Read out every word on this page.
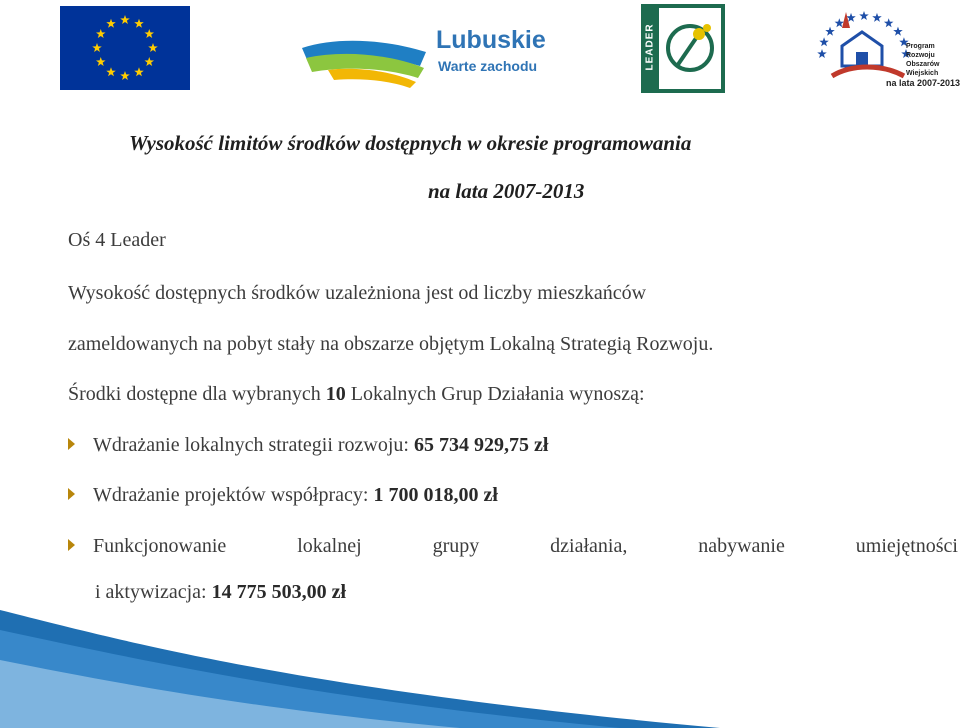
Lubuskie
Warte zachodu	LEADER	Program
Rozwoju
Obszarów
Wiejskich
na lata 2007-2013
Wysokość limitów środków dostępnych w okresie programowania
na lata 2007-2013
Oś 4 Leader
Wysokość dostępnych środków uzależniona jest od liczby mieszkańców
zameldowanych na pobyt stały na obszarze objętym Lokalną Strategią Rozwoju.
Środki dostępne dla wybranych 10 Lokalnych Grup Działania wynoszą:
Wdrażanie lokalnych strategii rozwoju: 65 734 929,75 zł
Wdrażanie projektów współpracy: 1 700 018,00 zł
Funkcjonowanie	lokalnej	grupy	działania,	nabywanie	umiejętności
i aktywizacja: 14 775 503,00 zł
